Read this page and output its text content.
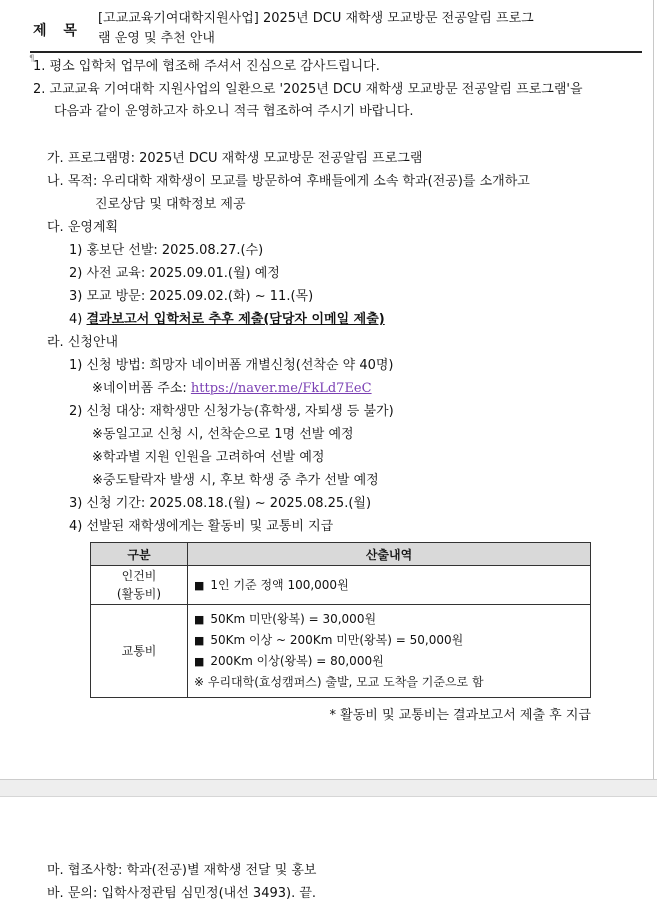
제 목
[고교교육기여대학지원사업] 2025년 DCU 재학생 모교방문 전공알림 프로그
램 운영 및 추천 안내
¶
1. 평소 입학처 업무에 협조해 주셔서 진심으로 감사드립니다.
2. 고교교육 기여대학 지원사업의 일환으로 '2025년 DCU 재학생 모교방문 전공알림 프로그램'을
다음과 같이 운영하고자 하오니 적극 협조하여 주시기 바랍니다.
가. 프로그램명: 2025년 DCU 재학생 모교방문 전공알림 프로그램
나. 목적: 우리대학 재학생이 모교를 방문하여 후배들에게 소속 학과(전공)를 소개하고
진로상담 및 대학정보 제공
다. 운영계획
1) 홍보단 선발: 2025.08.27.(수)
2) 사전 교육: 2025.09.01.(월) 예정
3) 모교 방문: 2025.09.02.(화) ~ 11.(목)
4) 결과보고서 입학처로 추후 제출(담당자 이메일 제출)
라. 신청안내
1) 신청 방법: 희망자 네이버폼 개별신청(선착순 약 40명)
※네이버폼 주소: https://naver.me/FkLd7EeC
2) 신청 대상: 재학생만 신청가능(휴학생, 자퇴생 등 불가)
※동일고교 신청 시, 선착순으로 1명 선발 예정
※학과별 지원 인원을 고려하여 선발 예정
※중도탈락자 발생 시, 후보 학생 중 추가 선발 예정
3) 신청 기간: 2025.08.18.(월) ~ 2025.08.25.(월)
4) 선발된 재학생에게는 활동비 및 교통비 지급
구분	산출내역

인건비
(활동비)	■ 1인 기준 정액 100,000원

교통비	■ 50Km 미만(왕복) = 30,000원
■ 50Km 이상 ~ 200Km 미만(왕복) = 50,000원
■ 200Km 이상(왕복) = 80,000원
※ 우리대학(효성캠퍼스) 출발, 모교 도착을 기준으로 함
* 활동비 및 교통비는 결과보고서 제출 후 지급
마. 협조사항: 학과(전공)별 재학생 전달 및 홍보
바. 문의: 입학사정관팀 심민정(내선 3493). 끝.
